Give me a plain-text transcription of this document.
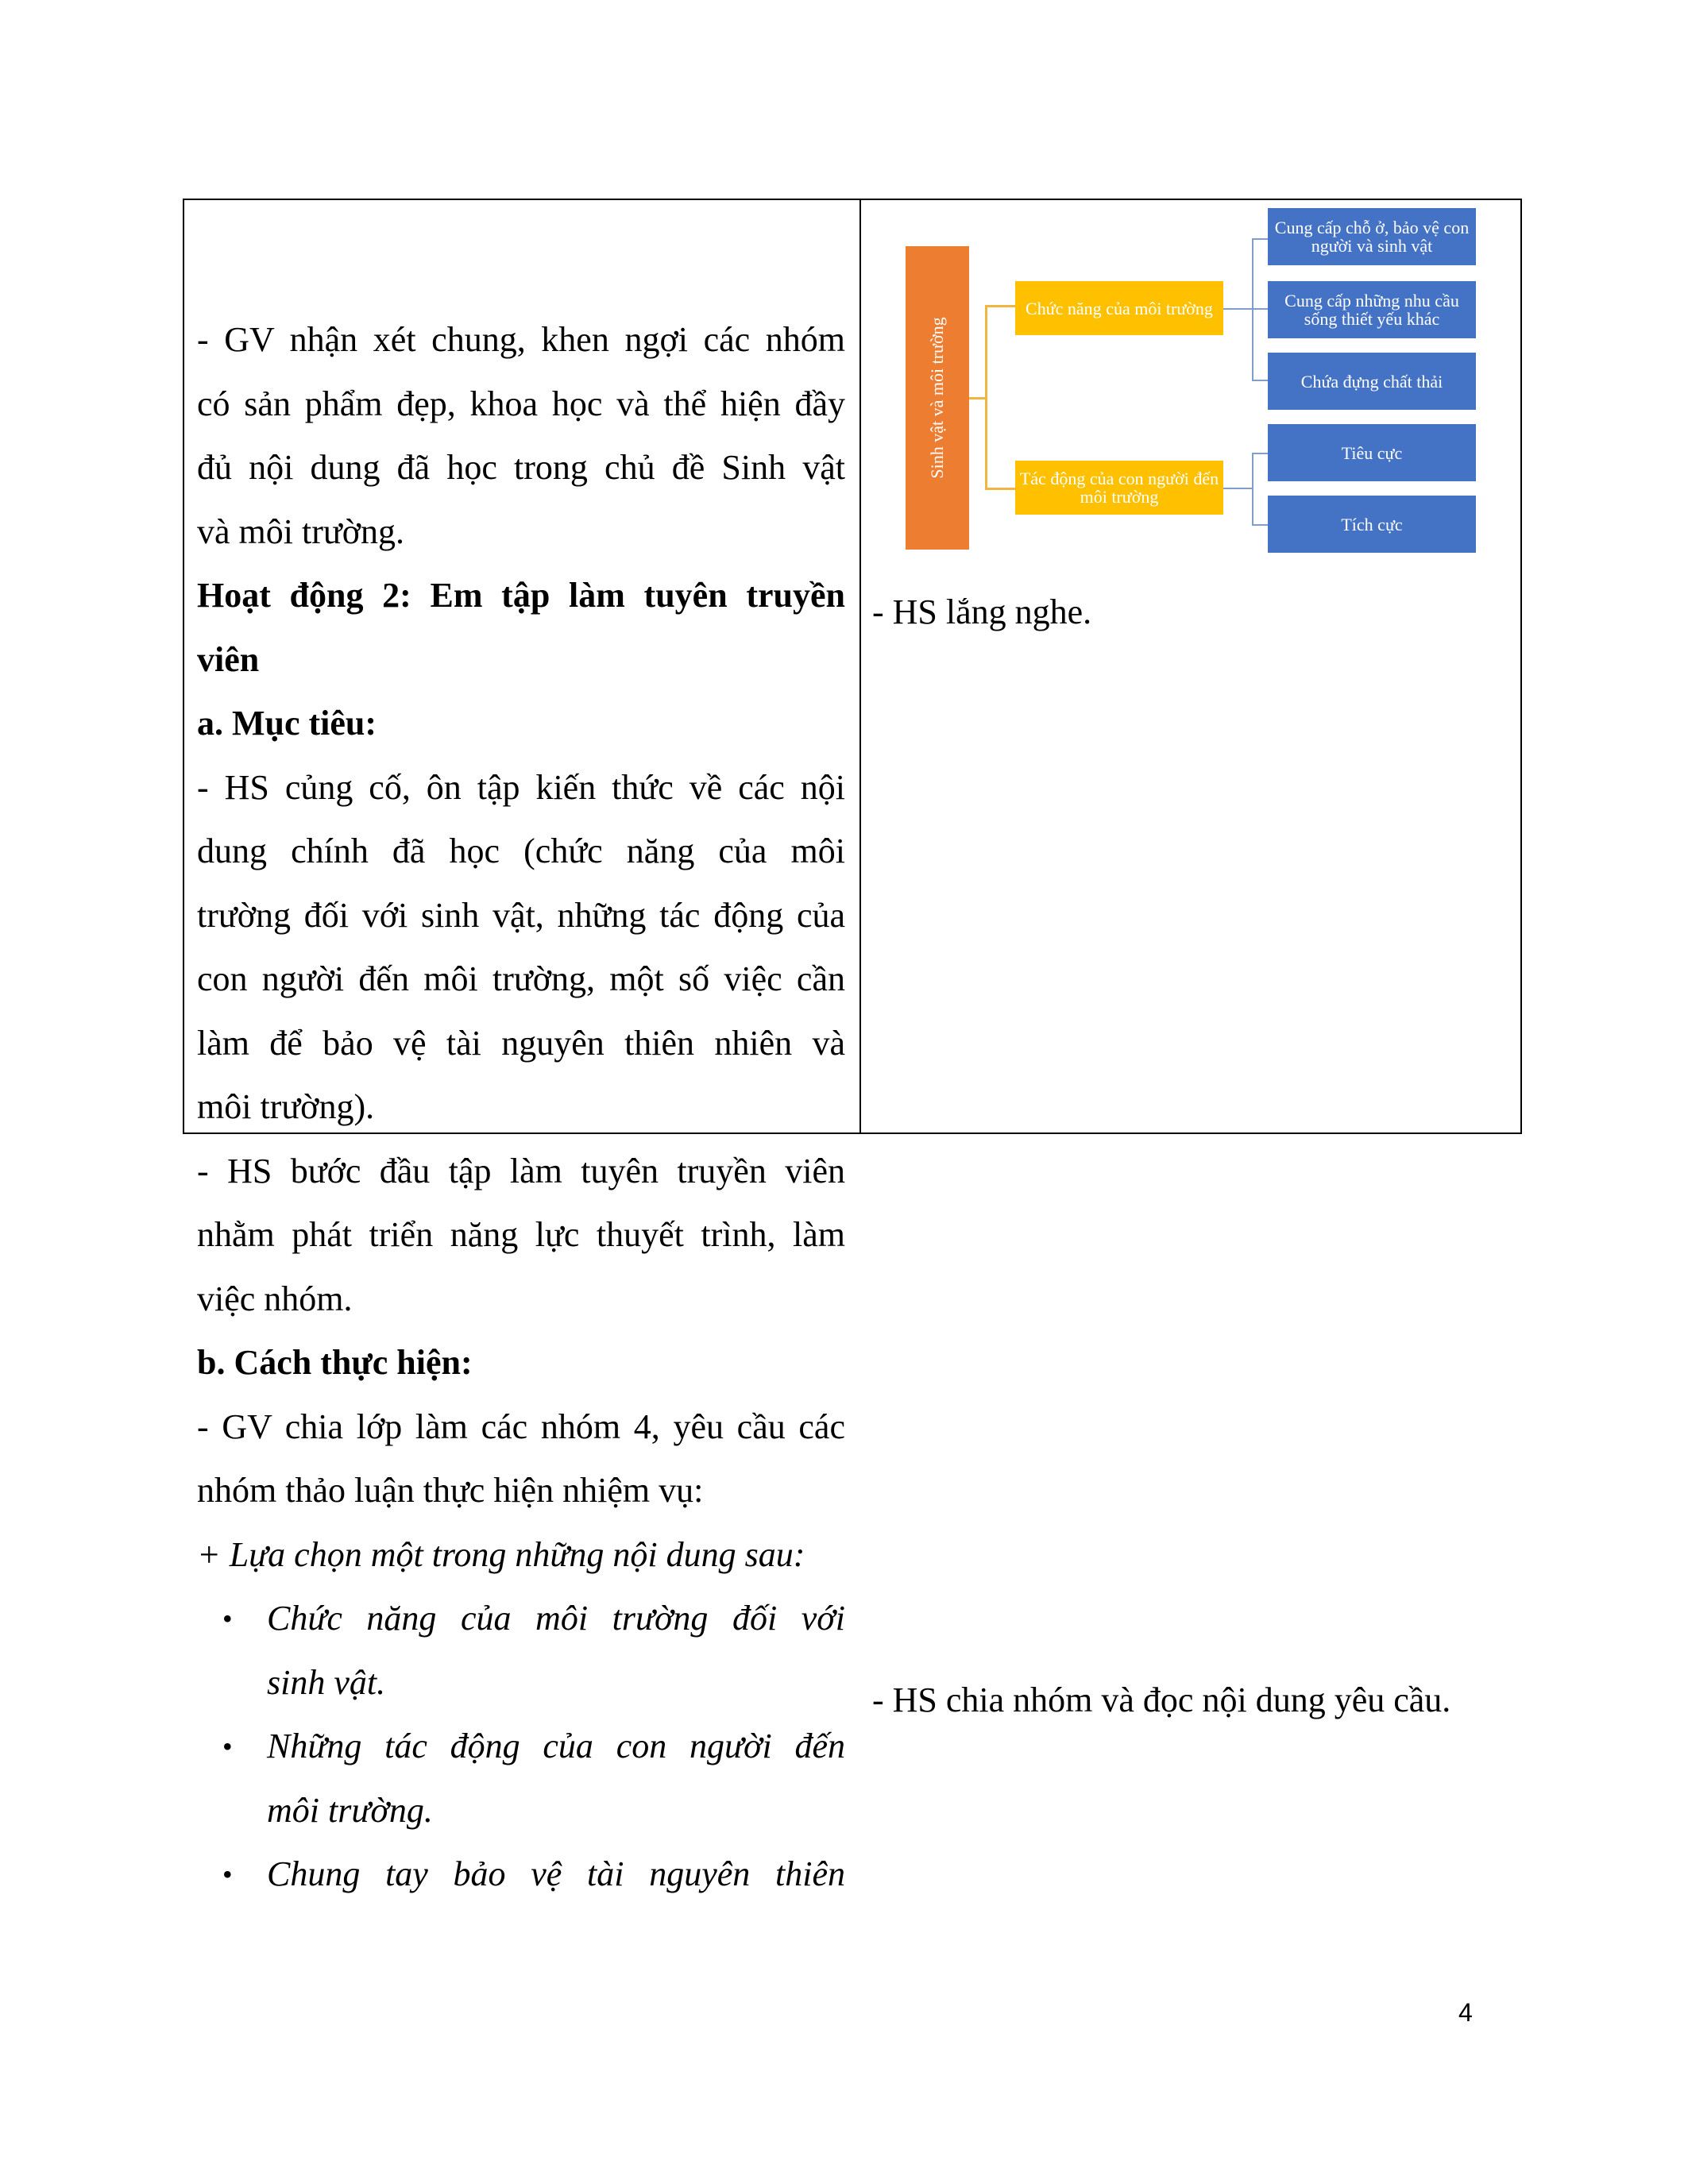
- GV nhận xét chung, khen ngợi các nhóm

có sản phẩm đẹp, khoa học và thể hiện đầy

đủ nội dung đã học trong chủ đề Sinh vật

và môi trường.

Hoạt động 2: Em tập làm tuyên truyền

viên

a. Mục tiêu:

- HS củng cố, ôn tập kiến thức về các nội

dung chính đã học (chức năng của môi

trường đối với sinh vật, những tác động của

con người đến môi trường, một số việc cần

làm để bảo vệ tài nguyên thiên nhiên và

môi trường).

- HS bước đầu tập làm tuyên truyền viên

nhằm phát triển năng lực thuyết trình, làm

việc nhóm.

b. Cách thực hiện:

- GV chia lớp làm các nhóm 4, yêu cầu các

nhóm thảo luận thực hiện nhiệm vụ:

+ Lựa chọn một trong những nội dung sau:

• Chức năng của môi trường đối với

sinh vật.

• Những tác động của con người đến

môi trường.

• Chung tay bảo vệ tài nguyên thiên

Sinh vật và môi trường
Chức năng của môi trường
Tác động của con người đến môi trường
Cung cấp chỗ ở, bảo vệ con người và sinh vật
Cung cấp những nhu cầu sống thiết yếu khác
Chứa đựng chất thải
Tiêu cực
Tích cực
- HS lắng nghe.
- HS chia nhóm và đọc nội dung yêu cầu.
4
